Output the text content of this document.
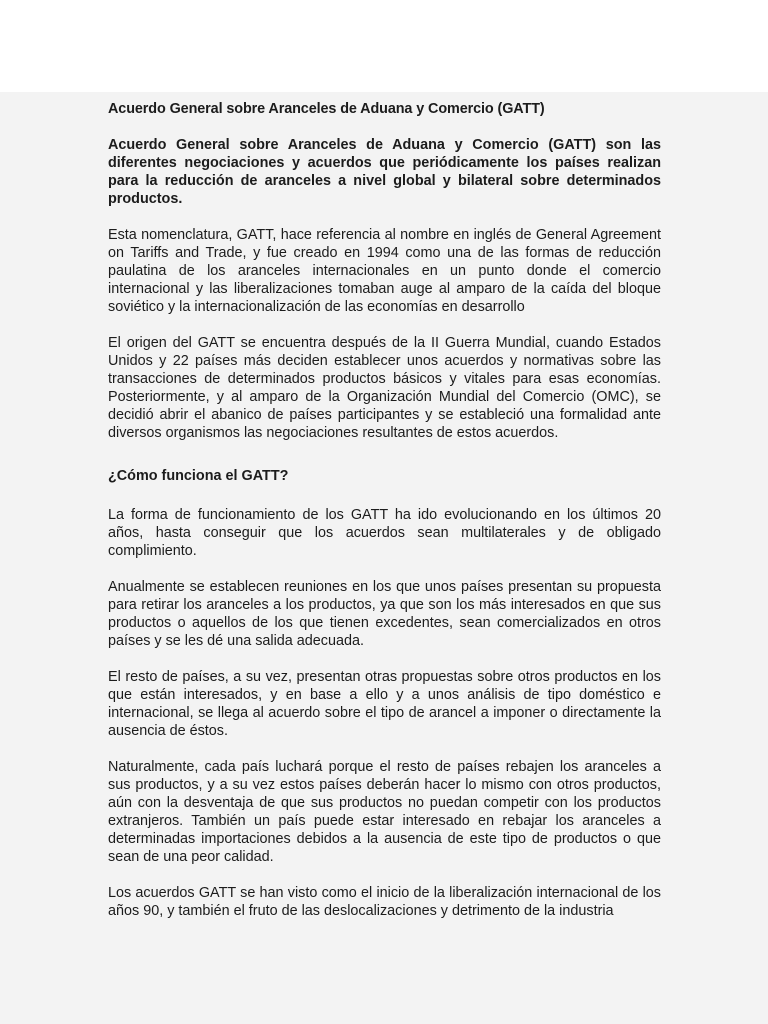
Acuerdo General sobre Aranceles de Aduana y Comercio (GATT)
Acuerdo General sobre Aranceles de Aduana y Comercio (GATT) son las diferentes negociaciones y acuerdos que periódicamente los países realizan para la reducción de aranceles a nivel global y bilateral sobre determinados productos.
Esta nomenclatura, GATT, hace referencia al nombre en inglés de General Agreement on Tariffs and Trade, y fue creado en 1994 como una de las formas de reducción paulatina de los aranceles internacionales en un punto donde el comercio internacional y las liberalizaciones tomaban auge al amparo de la caída del bloque soviético y la internacionalización de las economías en desarrollo
El origen del GATT se encuentra después de la II Guerra Mundial, cuando Estados Unidos y 22 países más deciden establecer unos acuerdos y normativas sobre las transacciones de determinados productos básicos y vitales para esas economías. Posteriormente, y al amparo de la Organización Mundial del Comercio (OMC), se decidió abrir el abanico de países participantes y se estableció una formalidad ante diversos organismos las negociaciones resultantes de estos acuerdos.
¿Cómo funciona el GATT?
La forma de funcionamiento de los GATT ha ido evolucionando en los últimos 20 años, hasta conseguir que los acuerdos sean multilaterales y de obligado complimiento.
Anualmente se establecen reuniones en los que unos países presentan su propuesta para retirar los aranceles a los productos, ya que son los más interesados en que sus productos o aquellos de los que tienen excedentes, sean comercializados en otros países y se les dé una salida adecuada.
El resto de países, a su vez, presentan otras propuestas sobre otros productos en los que están interesados, y en base a ello y a unos análisis de tipo doméstico e internacional, se llega al acuerdo sobre el tipo de arancel a imponer o directamente la ausencia de éstos.
Naturalmente, cada país luchará porque el resto de países rebajen los aranceles a sus productos, y a su vez estos países deberán hacer lo mismo con otros productos, aún con la desventaja de que sus productos no puedan competir con los productos extranjeros. También un país puede estar interesado en rebajar los aranceles a determinadas importaciones debidos a la ausencia de este tipo de productos o que sean de una peor calidad.
Los acuerdos GATT se han visto como el inicio de la liberalización internacional de los años 90, y también el fruto de las deslocalizaciones y detrimento de la industria
